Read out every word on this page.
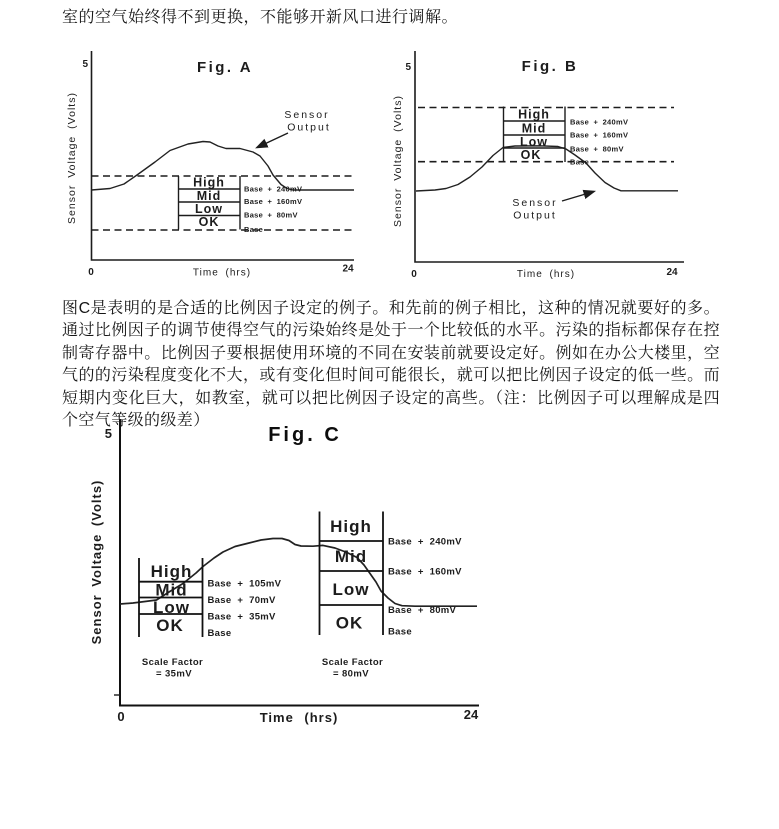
室的空气始终得不到更换，不能够开新风口进行调解。
Fig. A
5
Sensor Voltage (Volts)	High
Mid
Low
OK
Base + 240mV
Base + 160mV
Base + 80mV
Base
Sensor
Output
0	Time (hrs)	24
Fig. B
5
Sensor Voltage (Volts)	High
Mid
Low
OK
Base + 240mV
Base + 160mV
Base + 80mV
Base
Sensor
Output
0	Time (hrs)	24
图C是表明的是合适的比例因子设定的例子。和先前的例子相比，这种的情况就要好的多。通过比例因子的调节使得空气的污染始终是处于一个比较低的水平。污染的指标都保存在控制寄存器中。比例因子要根据使用环境的不同在安装前就要设定好。例如在办公大楼里，空气的的污染程度变化不大，或有变化但时间可能很长，就可以把比例因子设定的低一些。而短期内变化巨大，如教室，就可以把比例因子设定的高些。（注：比例因子可以理解成是四个空气等级的级差）
Fig. C
5
Sensor Voltage (Volts)	High
Mid
Low
OK
Base + 105mV
Base + 70mV
Base + 35mV
Base
Scale Factor
= 35mV
High
Mid
Low
OK
Base + 240mV
Base + 160mV
Base + 80mV
Base
Scale Factor
= 80mV
0	Time (hrs)	24
